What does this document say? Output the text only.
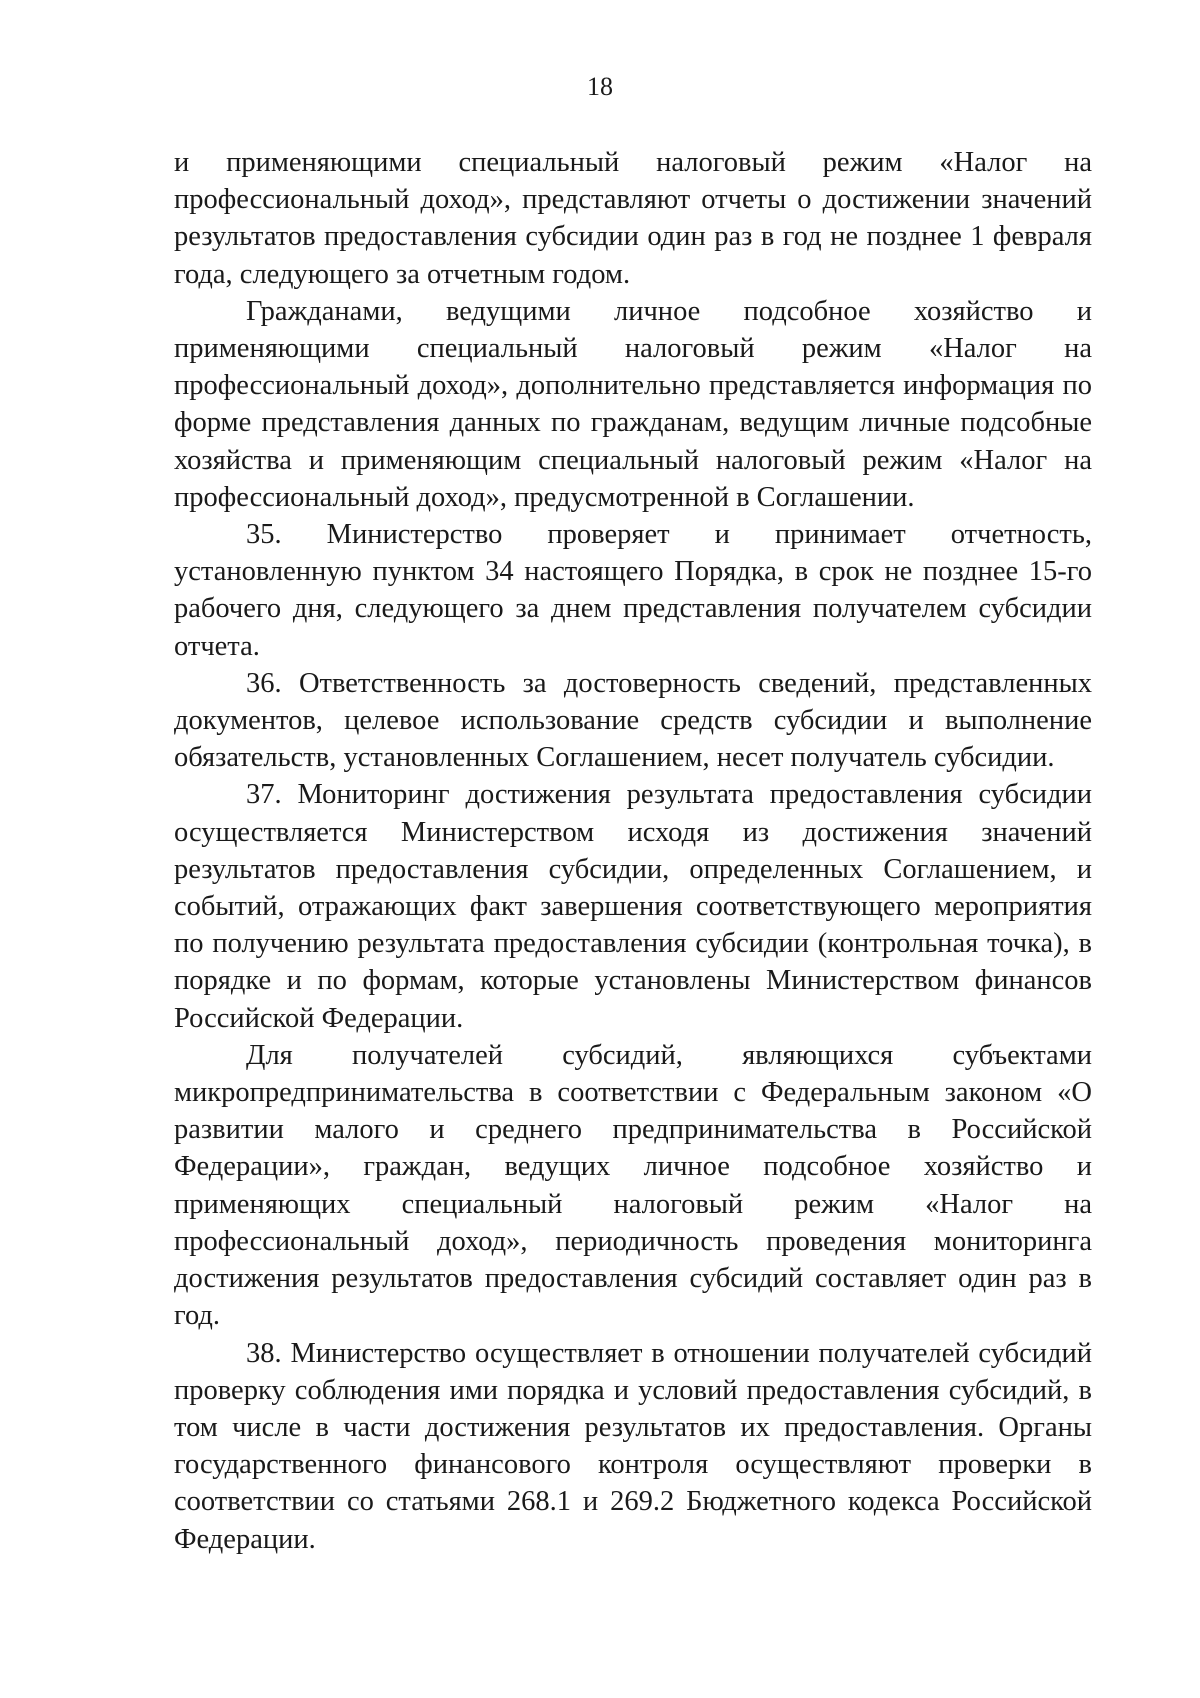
18

и применяющими специальный налоговый режим «Налог на профессиональный доход», представляют отчеты о достижении значений результатов предоставления субсидии один раз в год не позднее 1 февраля года, следующего за отчетным годом.

Гражданами, ведущими личное подсобное хозяйство и применяющими специальный налоговый режим «Налог на профессиональный доход», дополнительно представляется информация по форме представления данных по гражданам, ведущим личные подсобные хозяйства и применяющим специальный налоговый режим «Налог на профессиональный доход», предусмотренной в Соглашении.

35. Министерство проверяет и принимает отчетность, установленную пунктом 34 настоящего Порядка, в срок не позднее 15-го рабочего дня, следующего за днем представления получателем субсидии отчета.

36. Ответственность за достоверность сведений, представленных документов, целевое использование средств субсидии и выполнение обязательств, установленных Соглашением, несет получатель субсидии.

37. Мониторинг достижения результата предоставления субсидии осуществляется Министерством исходя из достижения значений результатов предоставления субсидии, определенных Соглашением, и событий, отражающих факт завершения соответствующего мероприятия по получению результата предоставления субсидии (контрольная точка), в порядке и по формам, которые установлены Министерством финансов Российской Федерации.

Для получателей субсидий, являющихся субъектами микропредпринимательства в соответствии с Федеральным законом «О развитии малого и среднего предпринимательства в Российской Федерации», граждан, ведущих личное подсобное хозяйство и применяющих специальный налоговый режим «Налог на профессиональный доход», периодичность проведения мониторинга достижения результатов предоставления субсидий составляет один раз в год.

38. Министерство осуществляет в отношении получателей субсидий проверку соблюдения ими порядка и условий предоставления субсидий, в том числе в части достижения результатов их предоставления. Органы государственного финансового контроля осуществляют проверки в соответствии со статьями 268.1 и 269.2 Бюджетного кодекса Российской Федерации.
